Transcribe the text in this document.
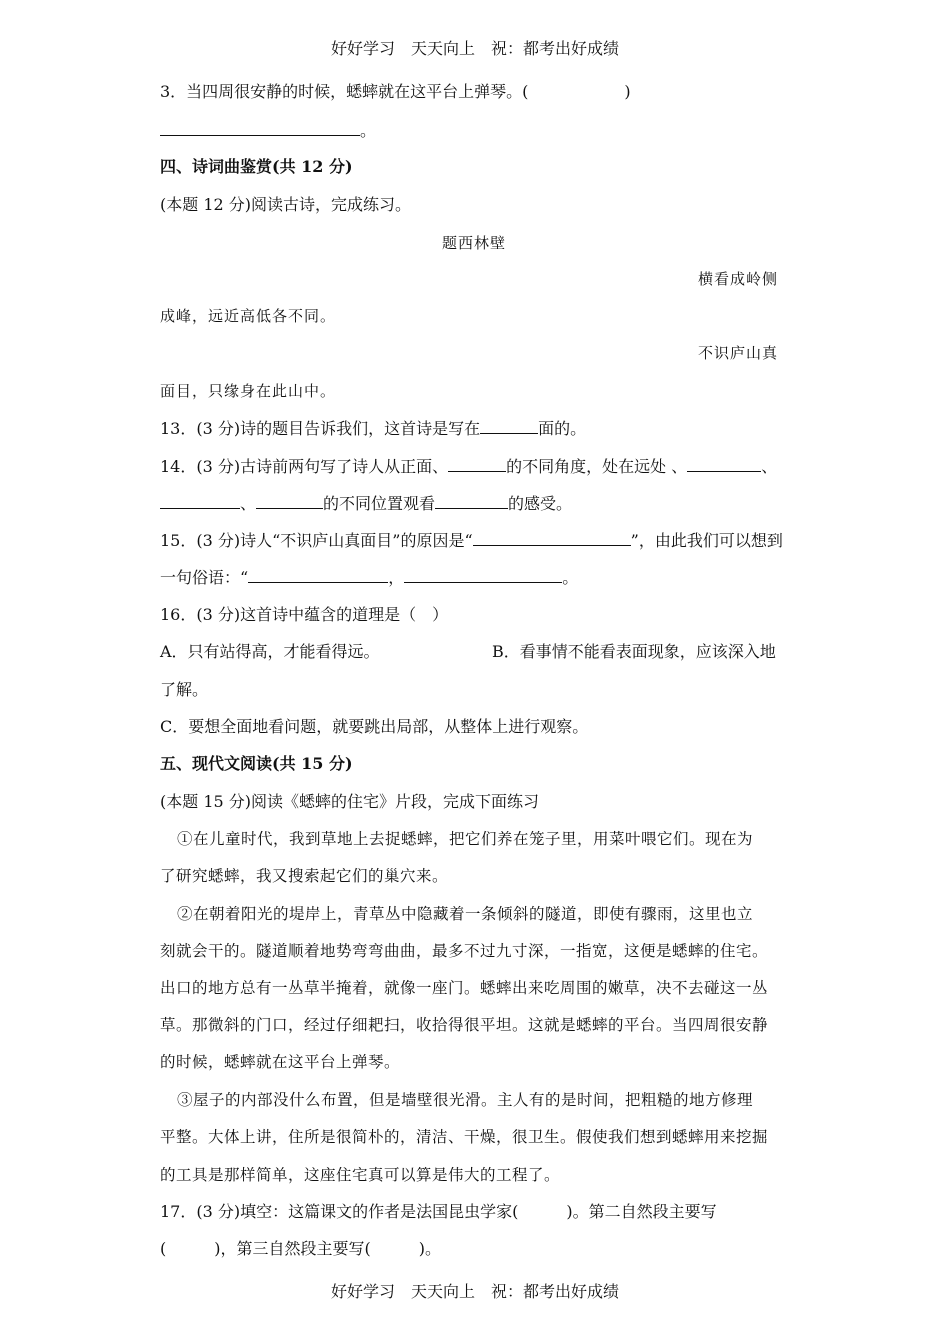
好好学习　天天向上　祝：都考出好成绩
3．当四周很安静的时候，蟋蟀就在这平台上弹琴。(　　　　　　)
。
四、诗词曲鉴赏(共 12 分)
(本题 12 分)阅读古诗，完成练习。
题西林壁
横看成岭侧
成峰，远近高低各不同。
不识庐山真
面目，只缘身在此山中。
13．(3 分)诗的题目告诉我们，这首诗是写在	面的。
14．(3 分)古诗前两句写了诗人从正面、	的不同角度，处在远处 、	、
、	的不同位置观看	的感受。
15．(3 分)诗人“不识庐山真面目”的原因是“	”，由此我们可以想到
一句俗语：“	，	。
16．(3 分)这首诗中蕴含的道理是（　）
A．只有站得高，才能看得远。	B．看事情不能看表面现象，应该深入地
了解。
C．要想全面地看问题，就要跳出局部，从整体上进行观察。
五、现代文阅读(共 15 分)
(本题 15 分)阅读《蟋蟀的住宅》片段，完成下面练习
①在儿童时代，我到草地上去捉蟋蟀，把它们养在笼子里，用菜叶喂它们。现在为
了研究蟋蟀，我又搜索起它们的巢穴来。
②在朝着阳光的堤岸上，青草丛中隐藏着一条倾斜的隧道，即使有骤雨，这里也立
刻就会干的。隧道顺着地势弯弯曲曲，最多不过九寸深，一指宽，这便是蟋蟀的住宅。
出口的地方总有一丛草半掩着，就像一座门。蟋蟀出来吃周围的嫩草，决不去碰这一丛
草。那微斜的门口，经过仔细耙扫，收拾得很平坦。这就是蟋蟀的平台。当四周很安静
的时候，蟋蟀就在这平台上弹琴。
③屋子的内部没什么布置，但是墙壁很光滑。主人有的是时间，把粗糙的地方修理
平整。大体上讲，住所是很简朴的，清洁、干燥，很卫生。假使我们想到蟋蟀用来挖掘
的工具是那样简单，这座住宅真可以算是伟大的工程了。
17．(3 分)填空：这篇课文的作者是法国昆虫学家(　　　)。第二自然段主要写
(　　　)，第三自然段主要写(　　　)。
好好学习　天天向上　祝：都考出好成绩
